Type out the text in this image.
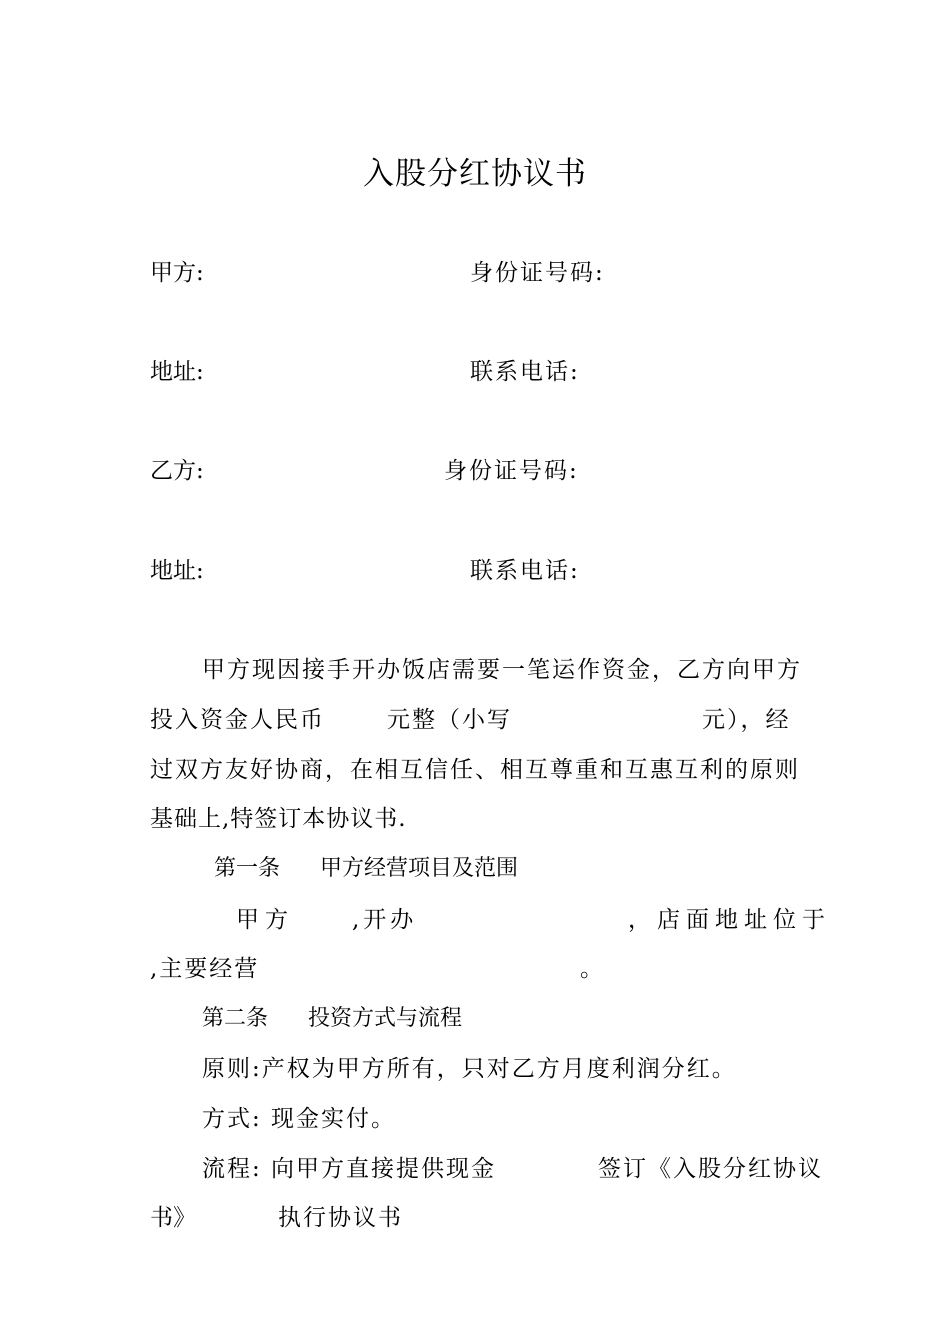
入股分红协议书
甲方:	身份证号码:
地址:	联系电话:
乙方:	身份证号码:
地址:	联系电话:
甲方现因接手开办饭店需要一笔运作资金，乙方向甲方
投入资金人民币	元整（小写	元），经
过双方友好协商，在相互信任、相互尊重和互惠互利的原则
基础上,特签订本协议书.
第一条 甲方经营项目及范围
甲方	,开办	，店面地址位于
,主要经营	。
第二条 投资方式与流程
原则:产权为甲方所有，只对乙方月度利润分红。
方式: 现金实付。
流程: 向甲方直接提供现金	签订《入股分红协议
书》	执行协议书
